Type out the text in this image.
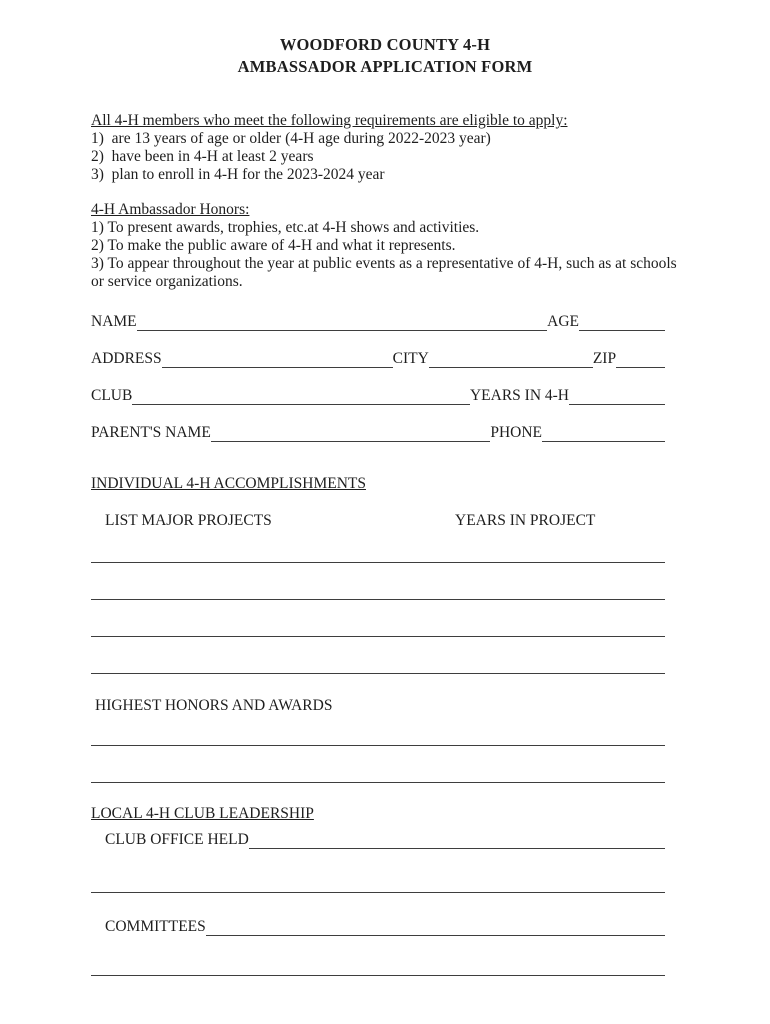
WOODFORD COUNTY 4-H
AMBASSADOR APPLICATION FORM
All 4-H members who meet the following requirements are eligible to apply:
1)  are 13 years of age or older (4-H age during 2022-2023 year)
2)  have been in 4-H at least 2 years
3)  plan to enroll in 4-H for the 2023-2024 year
4-H Ambassador Honors:
1) To present awards, trophies, etc.at 4-H shows and activities.
2) To make the public aware of 4-H and what it represents.
3) To appear throughout the year at public events as a representative of 4-H, such as at schools or service organizations.
NAME	AGE
ADDRESS	CITY	ZIP
CLUB	YEARS IN 4-H
PARENT'S NAME	PHONE
INDIVIDUAL 4-H ACCOMPLISHMENTS
LIST MAJOR PROJECTS	YEARS IN PROJECT
HIGHEST HONORS AND AWARDS
LOCAL 4-H CLUB LEADERSHIP
CLUB OFFICE HELD
COMMITTEES
